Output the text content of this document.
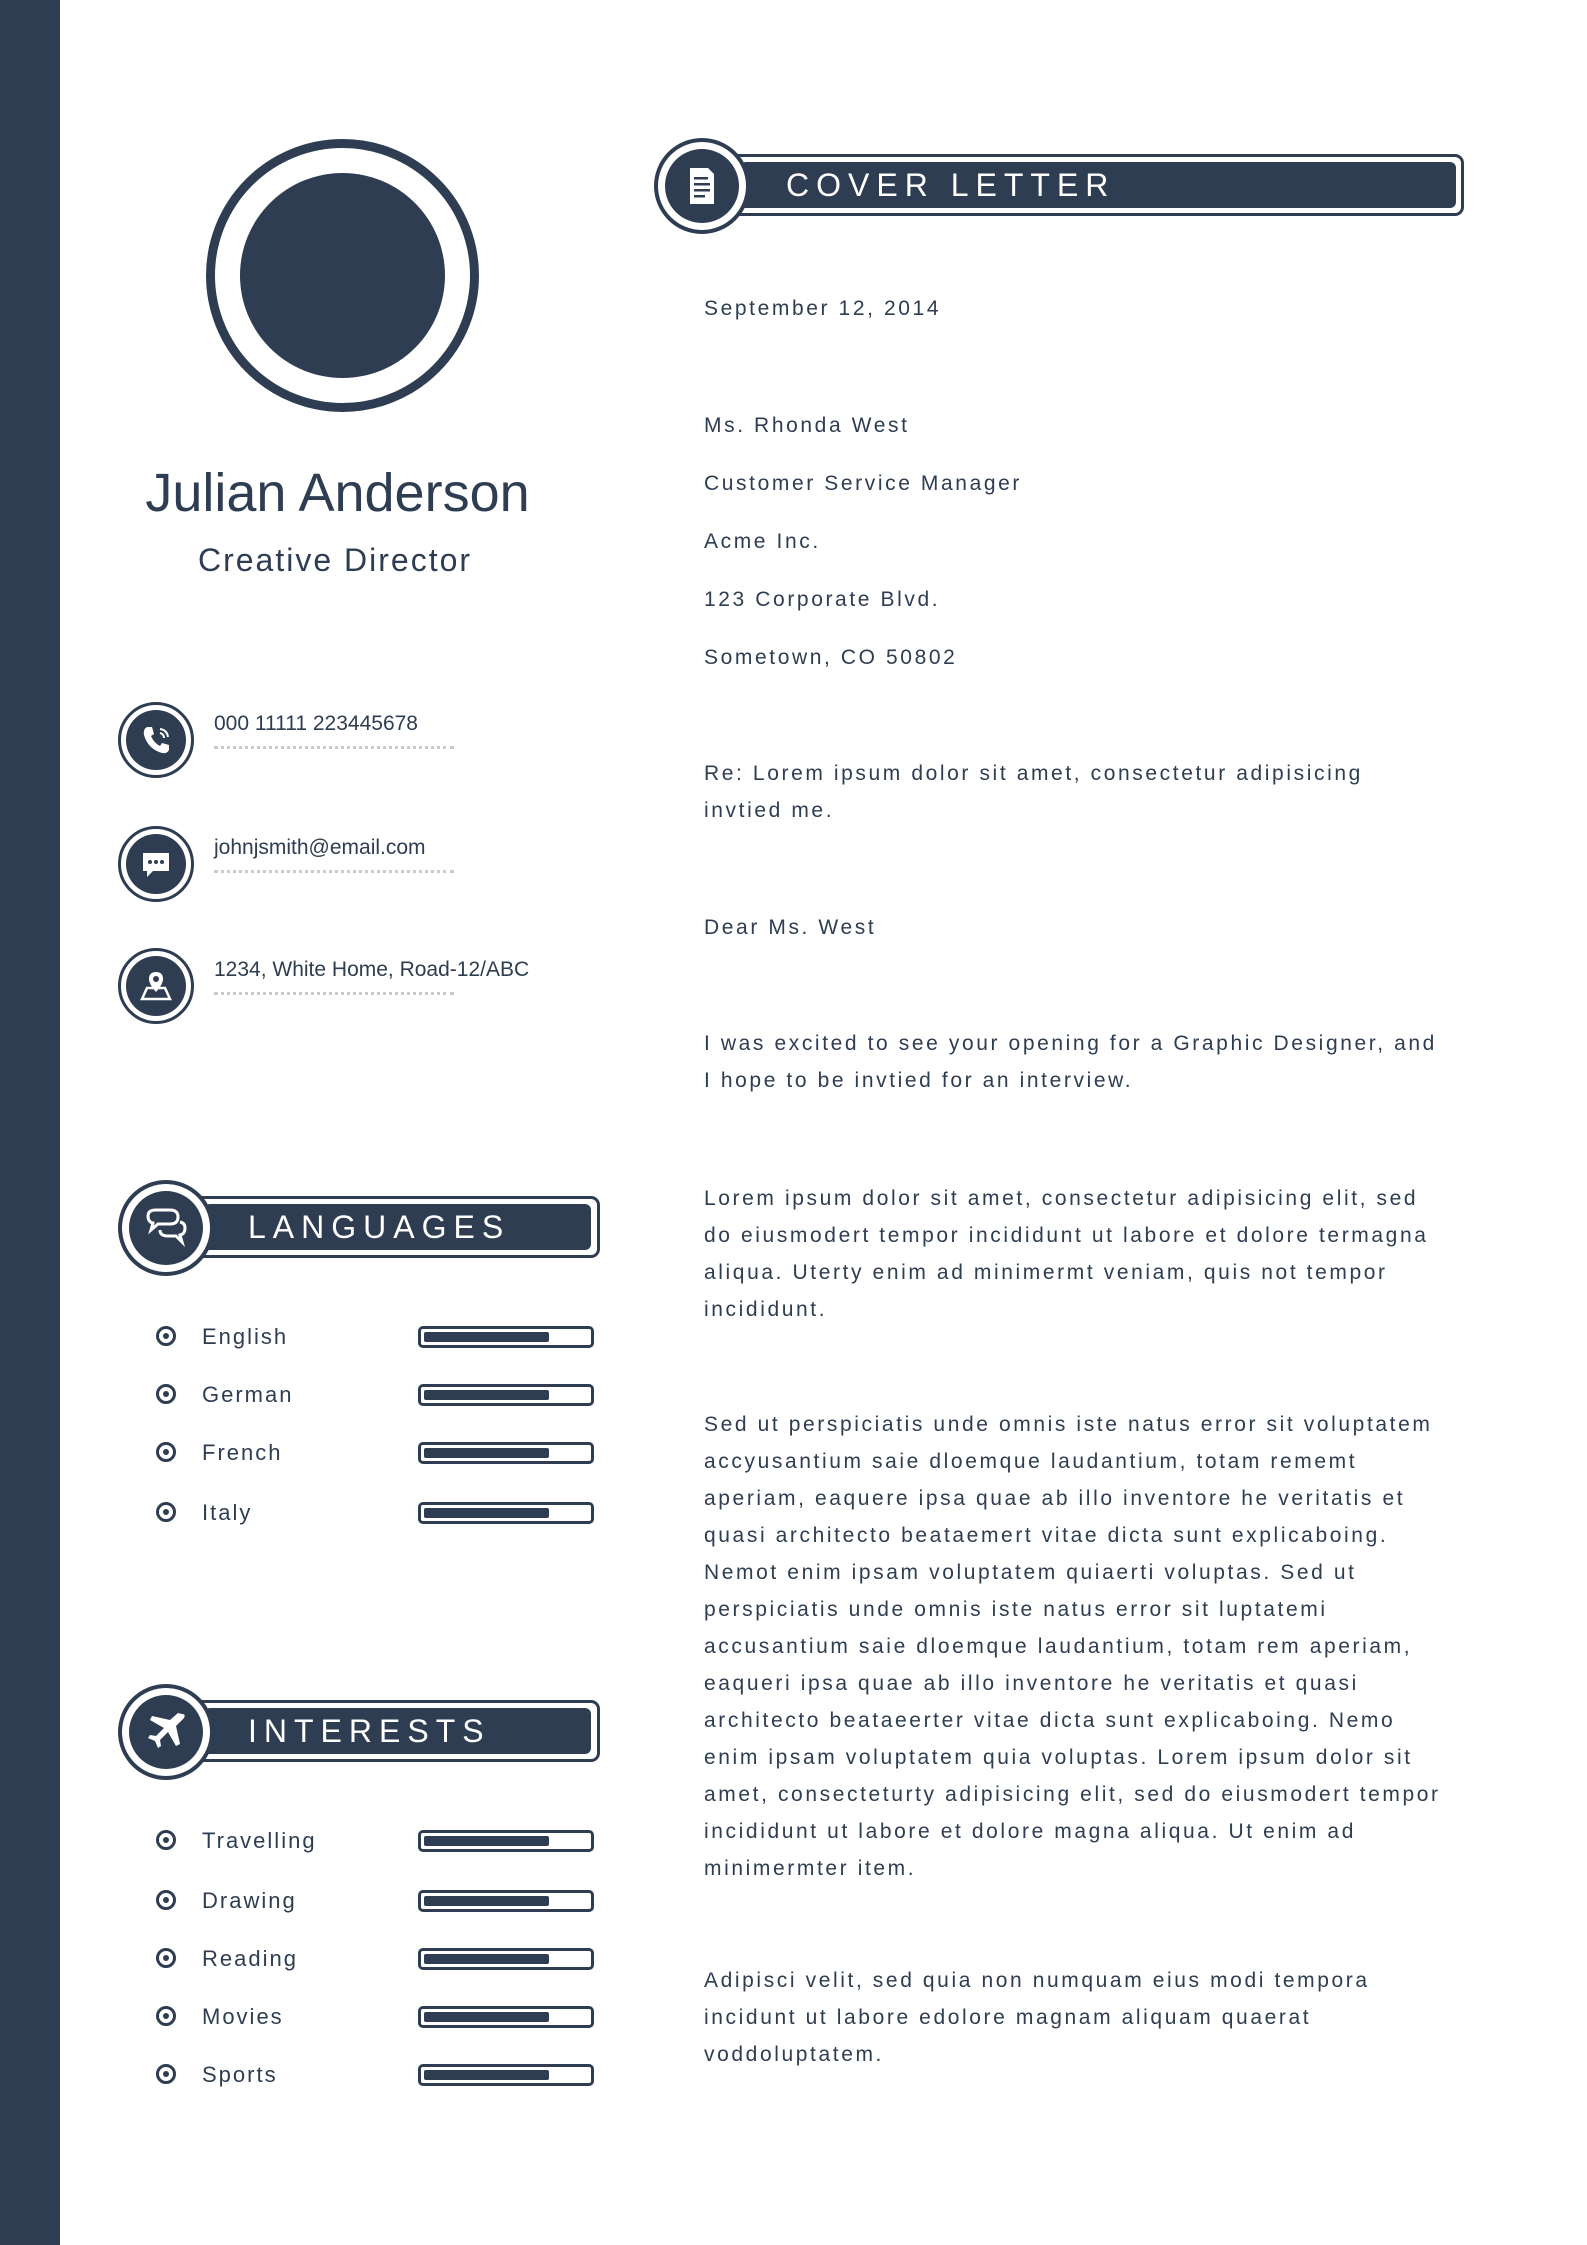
Julian Anderson
Creative Director
000 11111 223445678
johnjsmith@email.com
1234, White Home, Road-12/ABC
LANGUAGES
English
German
French
Italy
INTERESTS
Travelling
Drawing
Reading
Movies
Sports
COVER LETTER
September 12, 2014

Ms. Rhonda West

Customer Service Manager

Acme Inc.

123 Corporate Blvd.

Sometown, CO 50802

Re: Lorem ipsum dolor sit amet, consectetur adipisicing

invtied me.

Dear Ms. West

I was excited to see your opening for a Graphic Designer, and

I hope to be invtied for an interview.

Lorem ipsum dolor sit amet, consectetur adipisicing elit, sed

do eiusmodert tempor incididunt ut labore et dolore termagna

aliqua. Uterty enim ad minimermt veniam, quis not tempor

incididunt.

Sed ut perspiciatis unde omnis iste natus error sit voluptatem

accyusantium saie dloemque laudantium, totam rememt

aperiam, eaquere ipsa quae ab illo inventore he veritatis et

quasi architecto beataemert vitae dicta sunt explicaboing.

Nemot enim ipsam voluptatem quiaerti voluptas. Sed ut

perspiciatis unde omnis iste natus error sit luptatemi

accusantium saie dloemque laudantium, totam rem aperiam,

eaqueri ipsa quae ab illo inventore he veritatis et quasi

architecto beataeerter vitae dicta sunt explicaboing. Nemo

enim ipsam voluptatem quia voluptas. Lorem ipsum dolor sit

amet, consecteturty adipisicing elit, sed do eiusmodert tempor

incididunt ut labore et dolore magna aliqua. Ut enim ad

minimermter item.

Adipisci velit, sed quia non numquam eius modi tempora

incidunt ut labore edolore magnam aliquam quaerat

voddoluptatem.
